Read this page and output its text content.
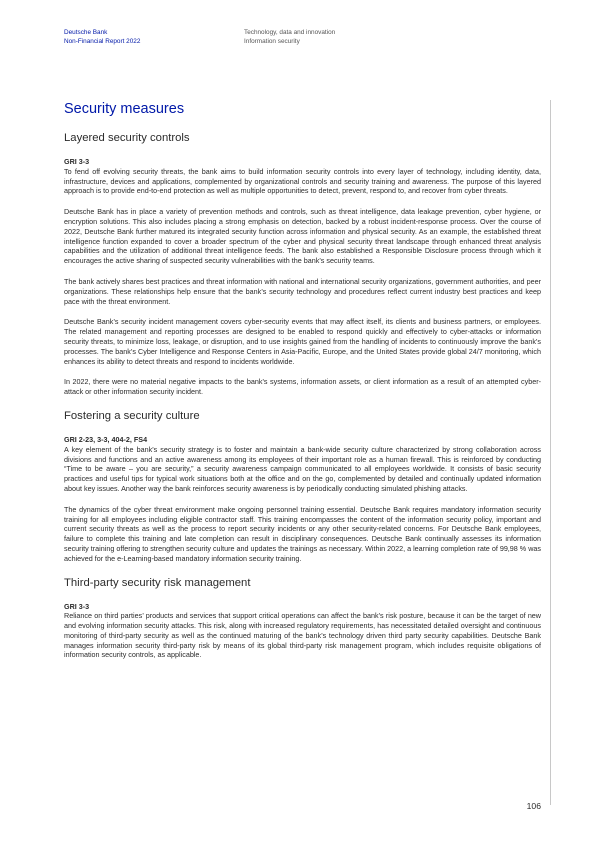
Deutsche Bank
Non-Financial Report 2022
Technology, data and innovation
Information security
Security measures
Layered security controls
GRI 3-3

To fend off evolving security threats, the bank aims to build information security controls into every layer of technology, including identity, data, infrastructure, devices and applications, complemented by organizational controls and security training and awareness. The purpose of this layered approach is to provide end-to-end protection as well as multiple opportunities to detect, prevent, respond to, and recover from cyber threats.

Deutsche Bank has in place a variety of prevention methods and controls, such as threat intelligence, data leakage prevention, cyber hygiene, or encryption solutions. This also includes placing a strong emphasis on detection, backed by a robust incident-response process. Over the course of 2022, Deutsche Bank further matured its integrated security function across information and physical security. As an example, the established threat intelligence function expanded to cover a broader spectrum of the cyber and physical security threat landscape through enhanced threat analysis capabilities and the utilization of additional threat intelligence feeds. The bank also established a Responsible Disclosure process through which it encourages the active sharing of suspected security vulnerabilities with the bank’s security teams.

The bank actively shares best practices and threat information with national and international security organizations, government authorities, and peer organizations. These relationships help ensure that the bank’s security technology and procedures reflect current industry best practices and keep pace with the threat environment.

Deutsche Bank’s security incident management covers cyber-security events that may affect itself, its clients and business partners, or employees. The related management and reporting processes are designed to be enabled to respond quickly and effectively to cyber-attacks or information security threats, to minimize loss, leakage, or disruption, and to use insights gained from the handling of incidents to continuously improve the bank’s processes. The bank’s Cyber Intelligence and Response Centers in Asia-Pacific, Europe, and the United States provide global 24/7 monitoring, which enhances its ability to detect threats and respond to incidents worldwide.

In 2022, there were no material negative impacts to the bank’s systems, information assets, or client information as a result of an attempted cyber-attack or other information security incident.

Fostering a security culture
GRI 2-23, 3-3, 404-2, FS4

A key element of the bank’s security strategy is to foster and maintain a bank-wide security culture characterized by strong collaboration across divisions and functions and an active awareness among its employees of their important role as a human firewall. This is reinforced by conducting “Time to be aware – you are security,” a security awareness campaign communicated to all employees worldwide. It consists of basic security practices and useful tips for typical work situations both at the office and on the go, complemented by detailed and continually updated information about key issues. Another way the bank reinforces security awareness is by periodically conducting simulated phishing attacks.

The dynamics of the cyber threat environment make ongoing personnel training essential. Deutsche Bank requires mandatory information security training for all employees including eligible contractor staff. This training encompasses the content of the information security policy, important and current security threats as well as the process to report security incidents or any other security-related concerns. For Deutsche Bank employees, failure to complete this training and late completion can result in disciplinary consequences. Deutsche Bank continually assesses its information security training offering to strengthen security culture and updates the trainings as necessary. Within 2022, a learning completion rate of 99,98 % was achieved for the e-Learning-based mandatory information security training.

Third-party security risk management
GRI 3-3

Reliance on third parties’ products and services that support critical operations can affect the bank’s risk posture, because it can be the target of new and evolving information security attacks. This risk, along with increased regulatory requirements, has necessitated detailed oversight and continuous monitoring of third-party security as well as the continued maturing of the bank’s technology driven third party security capabilities. Deutsche Bank manages information security third-party risk by means of its global third-party risk management program, which includes requisite obligations of information security controls, as applicable.

106
